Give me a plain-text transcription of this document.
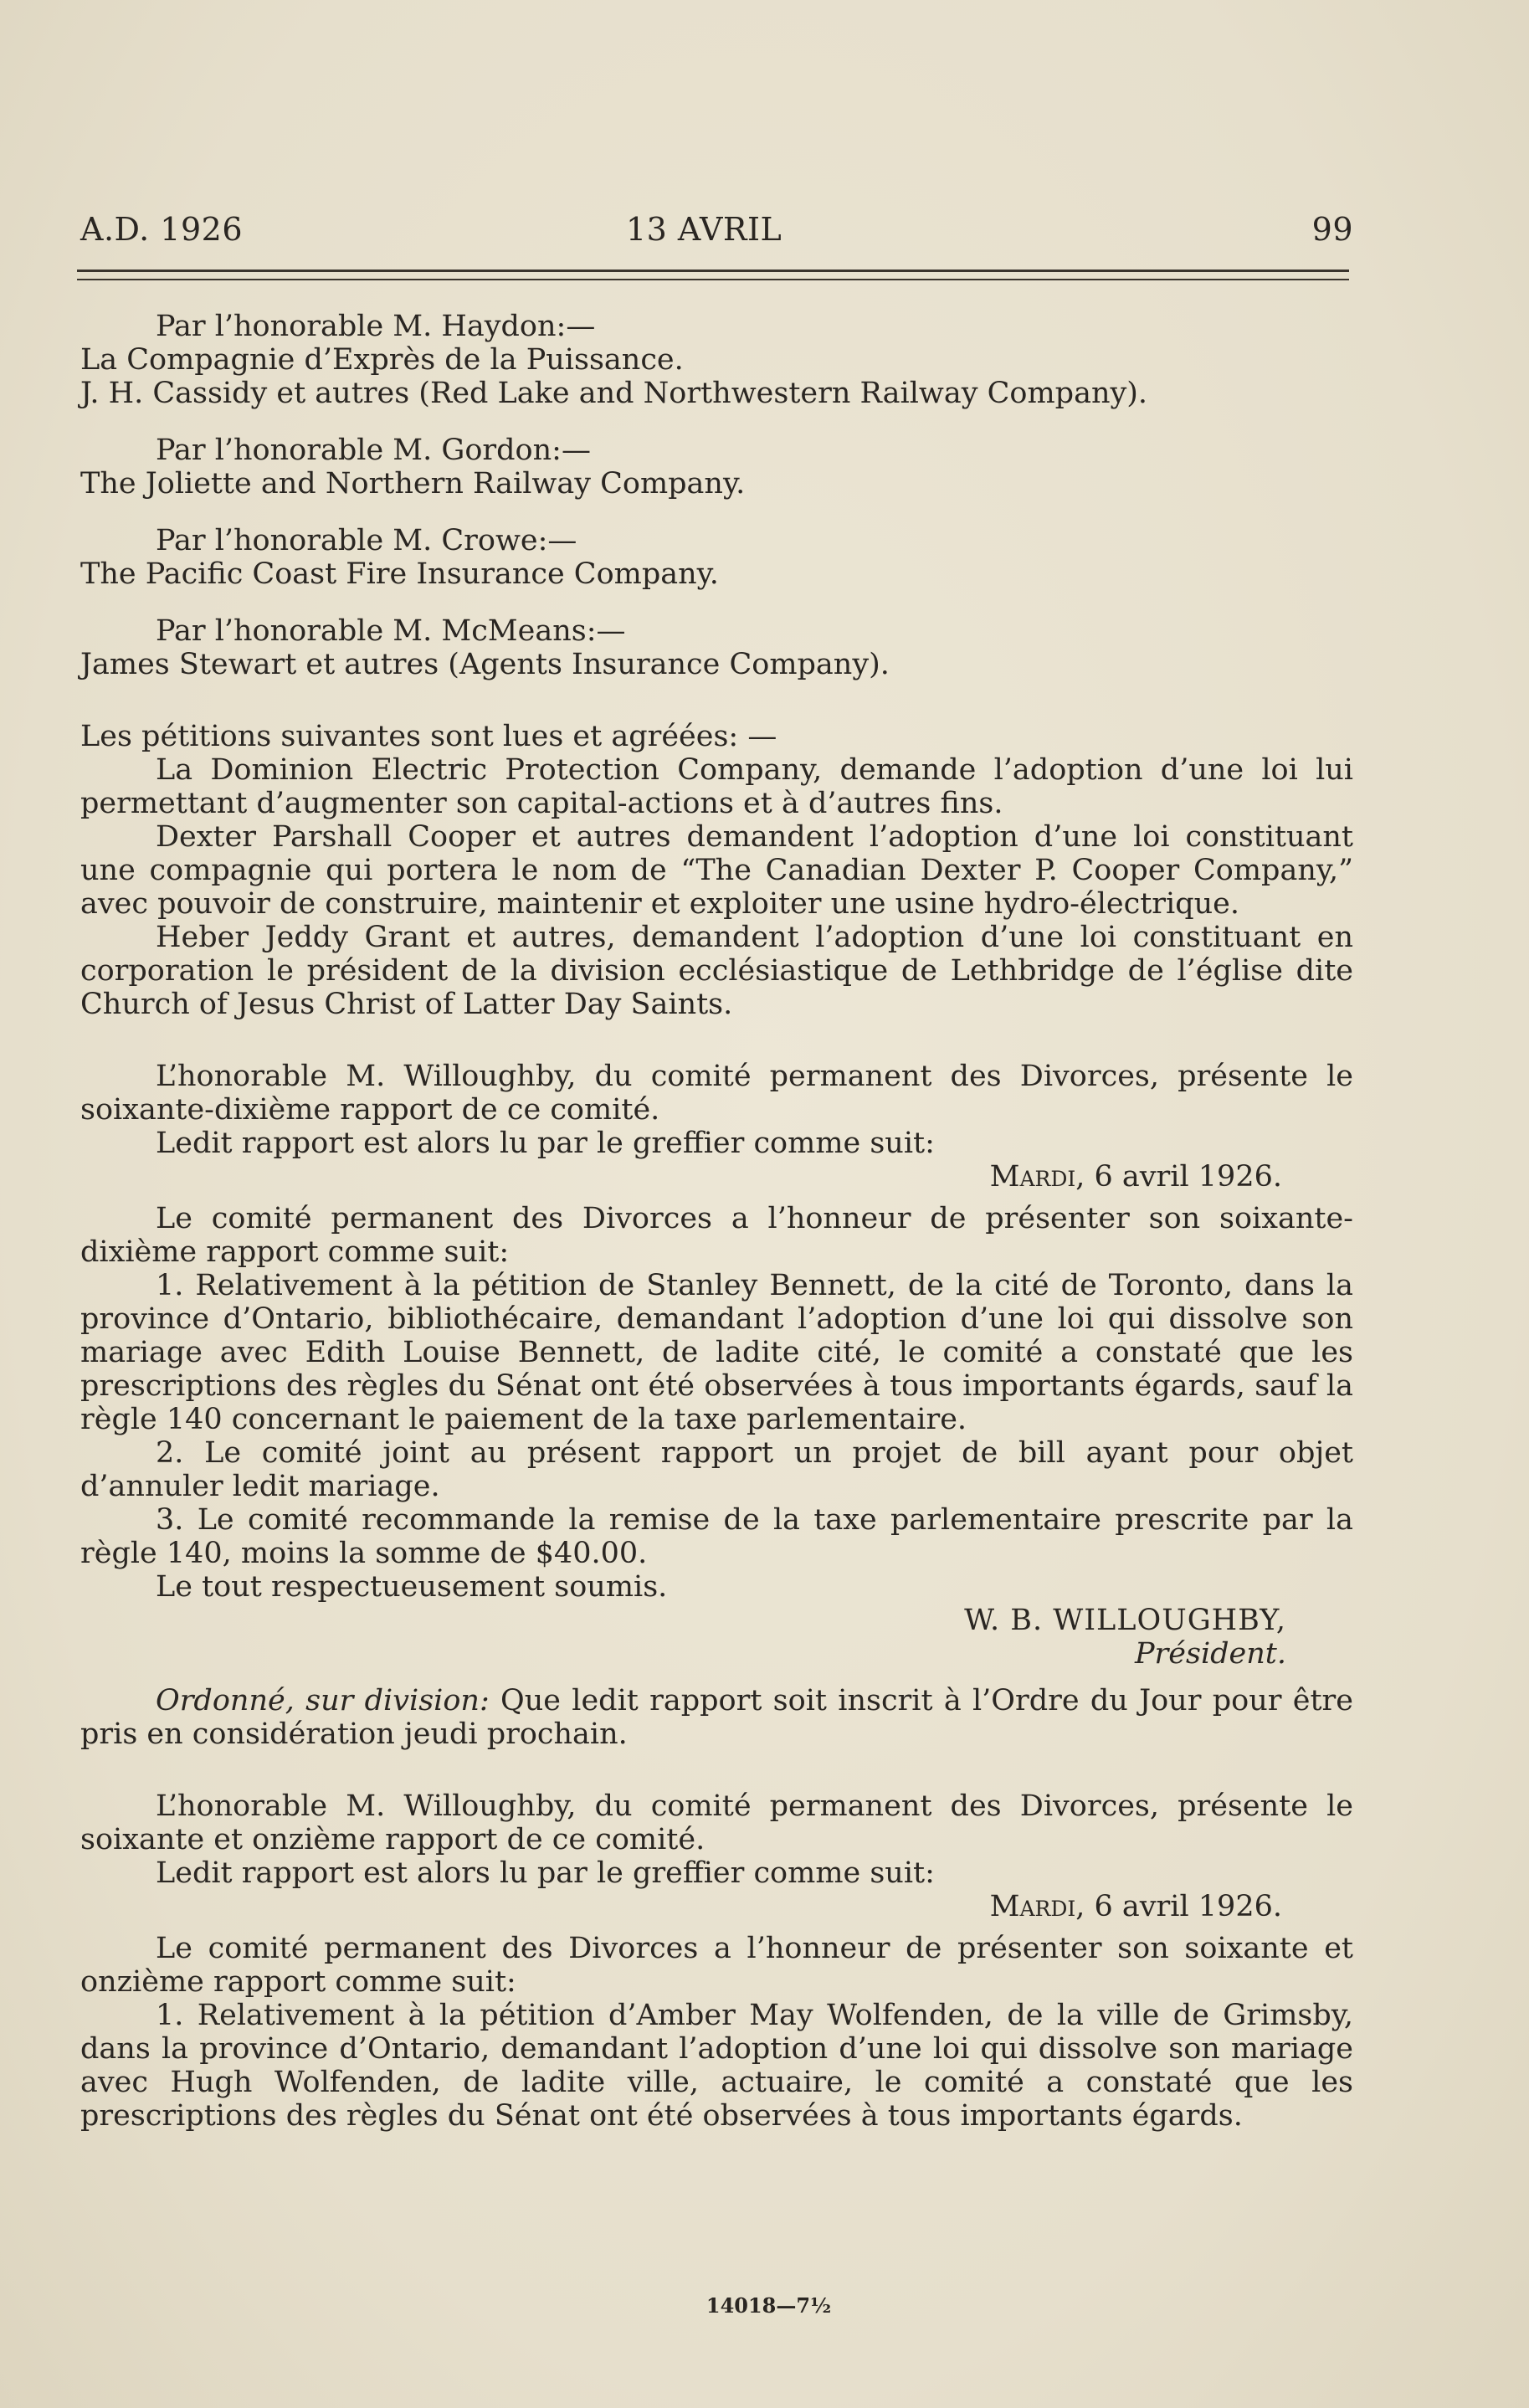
A.D. 1926	13 AVRIL	99

Par l’honorable M. Haydon:—

La Compagnie d’Exprès de la Puissance.

J. H. Cassidy et autres (Red Lake and Northwestern Railway Company).

Par l’honorable M. Gordon:—

The Joliette and Northern Railway Company.

Par l’honorable M. Crowe:—

The Pacific Coast Fire Insurance Company.

Par l’honorable M. McMeans:—

James Stewart et autres (Agents Insurance Company).

Les pétitions suivantes sont lues et agréées: —

La Dominion Electric Protection Company, demande l’adoption d’une loi lui permettant d’augmenter son capital-actions et à d’autres fins.

Dexter Parshall Cooper et autres demandent l’adoption d’une loi constituant une compagnie qui portera le nom de “The Canadian Dexter P. Cooper Company,” avec pouvoir de construire, maintenir et exploiter une usine hydro-électrique.

Heber Jeddy Grant et autres, demandent l’adoption d’une loi constituant en corporation le président de la division ecclésiastique de Lethbridge de l’église dite Church of Jesus Christ of Latter Day Saints.

L’honorable M. Willoughby, du comité permanent des Divorces, présente le soixante-dixième rapport de ce comité.

Ledit rapport est alors lu par le greffier comme suit:

Mardi, 6 avril 1926.

Le comité permanent des Divorces a l’honneur de présenter son soixante-dixième rapport comme suit:

1. Relativement à la pétition de Stanley Bennett, de la cité de Toronto, dans la province d’Ontario, bibliothécaire, demandant l’adoption d’une loi qui dissolve son mariage avec Edith Louise Bennett, de ladite cité, le comité a constaté que les prescriptions des règles du Sénat ont été observées à tous importants égards, sauf la règle 140 concernant le paiement de la taxe parlementaire.

2. Le comité joint au présent rapport un projet de bill ayant pour objet d’annuler ledit mariage.

3. Le comité recommande la remise de la taxe parlementaire prescrite par la règle 140, moins la somme de $40.00.

Le tout respectueusement soumis.

W. B. WILLOUGHBY,

Président.

Ordonné, sur division: Que ledit rapport soit inscrit à l’Ordre du Jour pour être pris en considération jeudi prochain.

L’honorable M. Willoughby, du comité permanent des Divorces, présente le soixante et onzième rapport de ce comité.

Ledit rapport est alors lu par le greffier comme suit:

Mardi, 6 avril 1926.

Le comité permanent des Divorces a l’honneur de présenter son soixante et onzième rapport comme suit:

1. Relativement à la pétition d’Amber May Wolfenden, de la ville de Grimsby, dans la province d’Ontario, demandant l’adoption d’une loi qui dissolve son mariage avec Hugh Wolfenden, de ladite ville, actuaire, le comité a constaté que les prescriptions des règles du Sénat ont été observées à tous importants égards.

14018—7½
